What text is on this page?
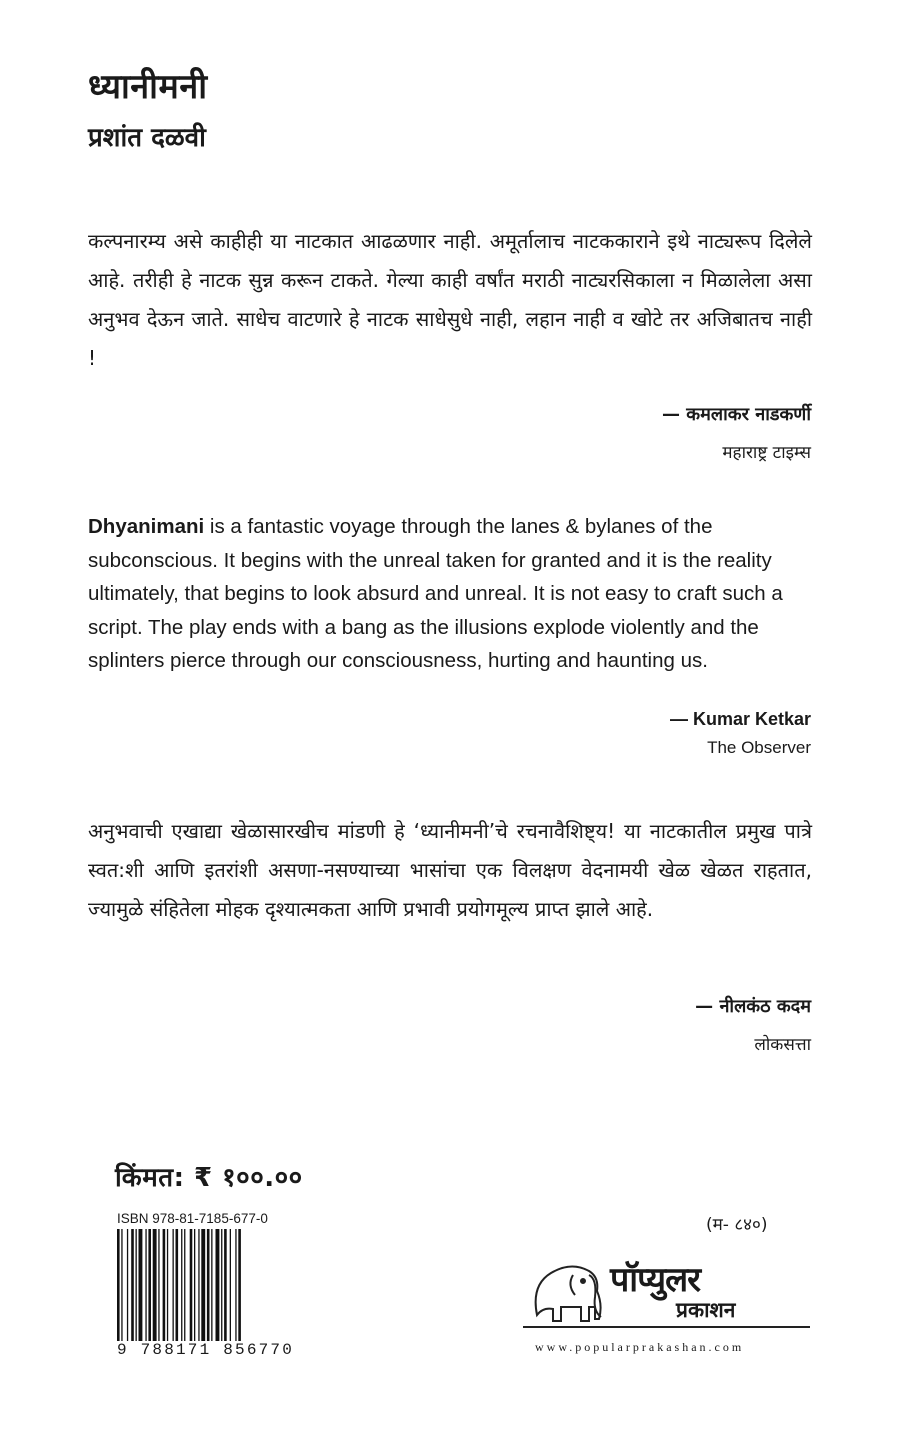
ध्यानीमनी
प्रशांत दळवी
कल्पनारम्य असे काहीही या नाटकात आढळणार नाही. अमूर्तालाच नाटककाराने इथे नाट्यरूप दिलेले आहे. तरीही हे नाटक सुन्न करून टाकते. गेल्या काही वर्षांत मराठी नाट्यरसिकाला न मिळालेला असा अनुभव देऊन जाते. साधेच वाटणारे हे नाटक साधेसुधे नाही, लहान नाही व खोटे तर अजिबातच नाही !
— कमलाकर नाडकर्णी
महाराष्ट्र टाइम्स
Dhyanimani is a fantastic voyage through the lanes & bylanes of the subconscious. It begins with the unreal taken for granted and it is the reality ultimately, that begins to look absurd and unreal. It is not easy to craft such a script. The play ends with a bang as the illusions explode violently and the splinters pierce through our consciousness, hurting and haunting us.
— Kumar Ketkar
The Observer
अनुभवाची एखाद्या खेळासारखीच मांडणी हे ‘ध्यानीमनी’चे रचनावैशिष्ट्य! या नाटकातील प्रमुख पात्रे स्वत:शी आणि इतरांशी असणा-नसण्याच्या भासांचा एक विलक्षण वेदनामयी खेळ खेळत राहतात, ज्यामुळे संहितेला मोहक दृश्यात्मकता आणि प्रभावी प्रयोगमूल्य प्राप्त झाले आहे.
— नीलकंठ कदम
लोकसत्ता
किंमत: ₹ १००.००
ISBN 978-81-7185-677-0
9 788171 856770
(म- ८४०)
पॉप्युलर
प्रकाशन
www.popularprakashan.com
